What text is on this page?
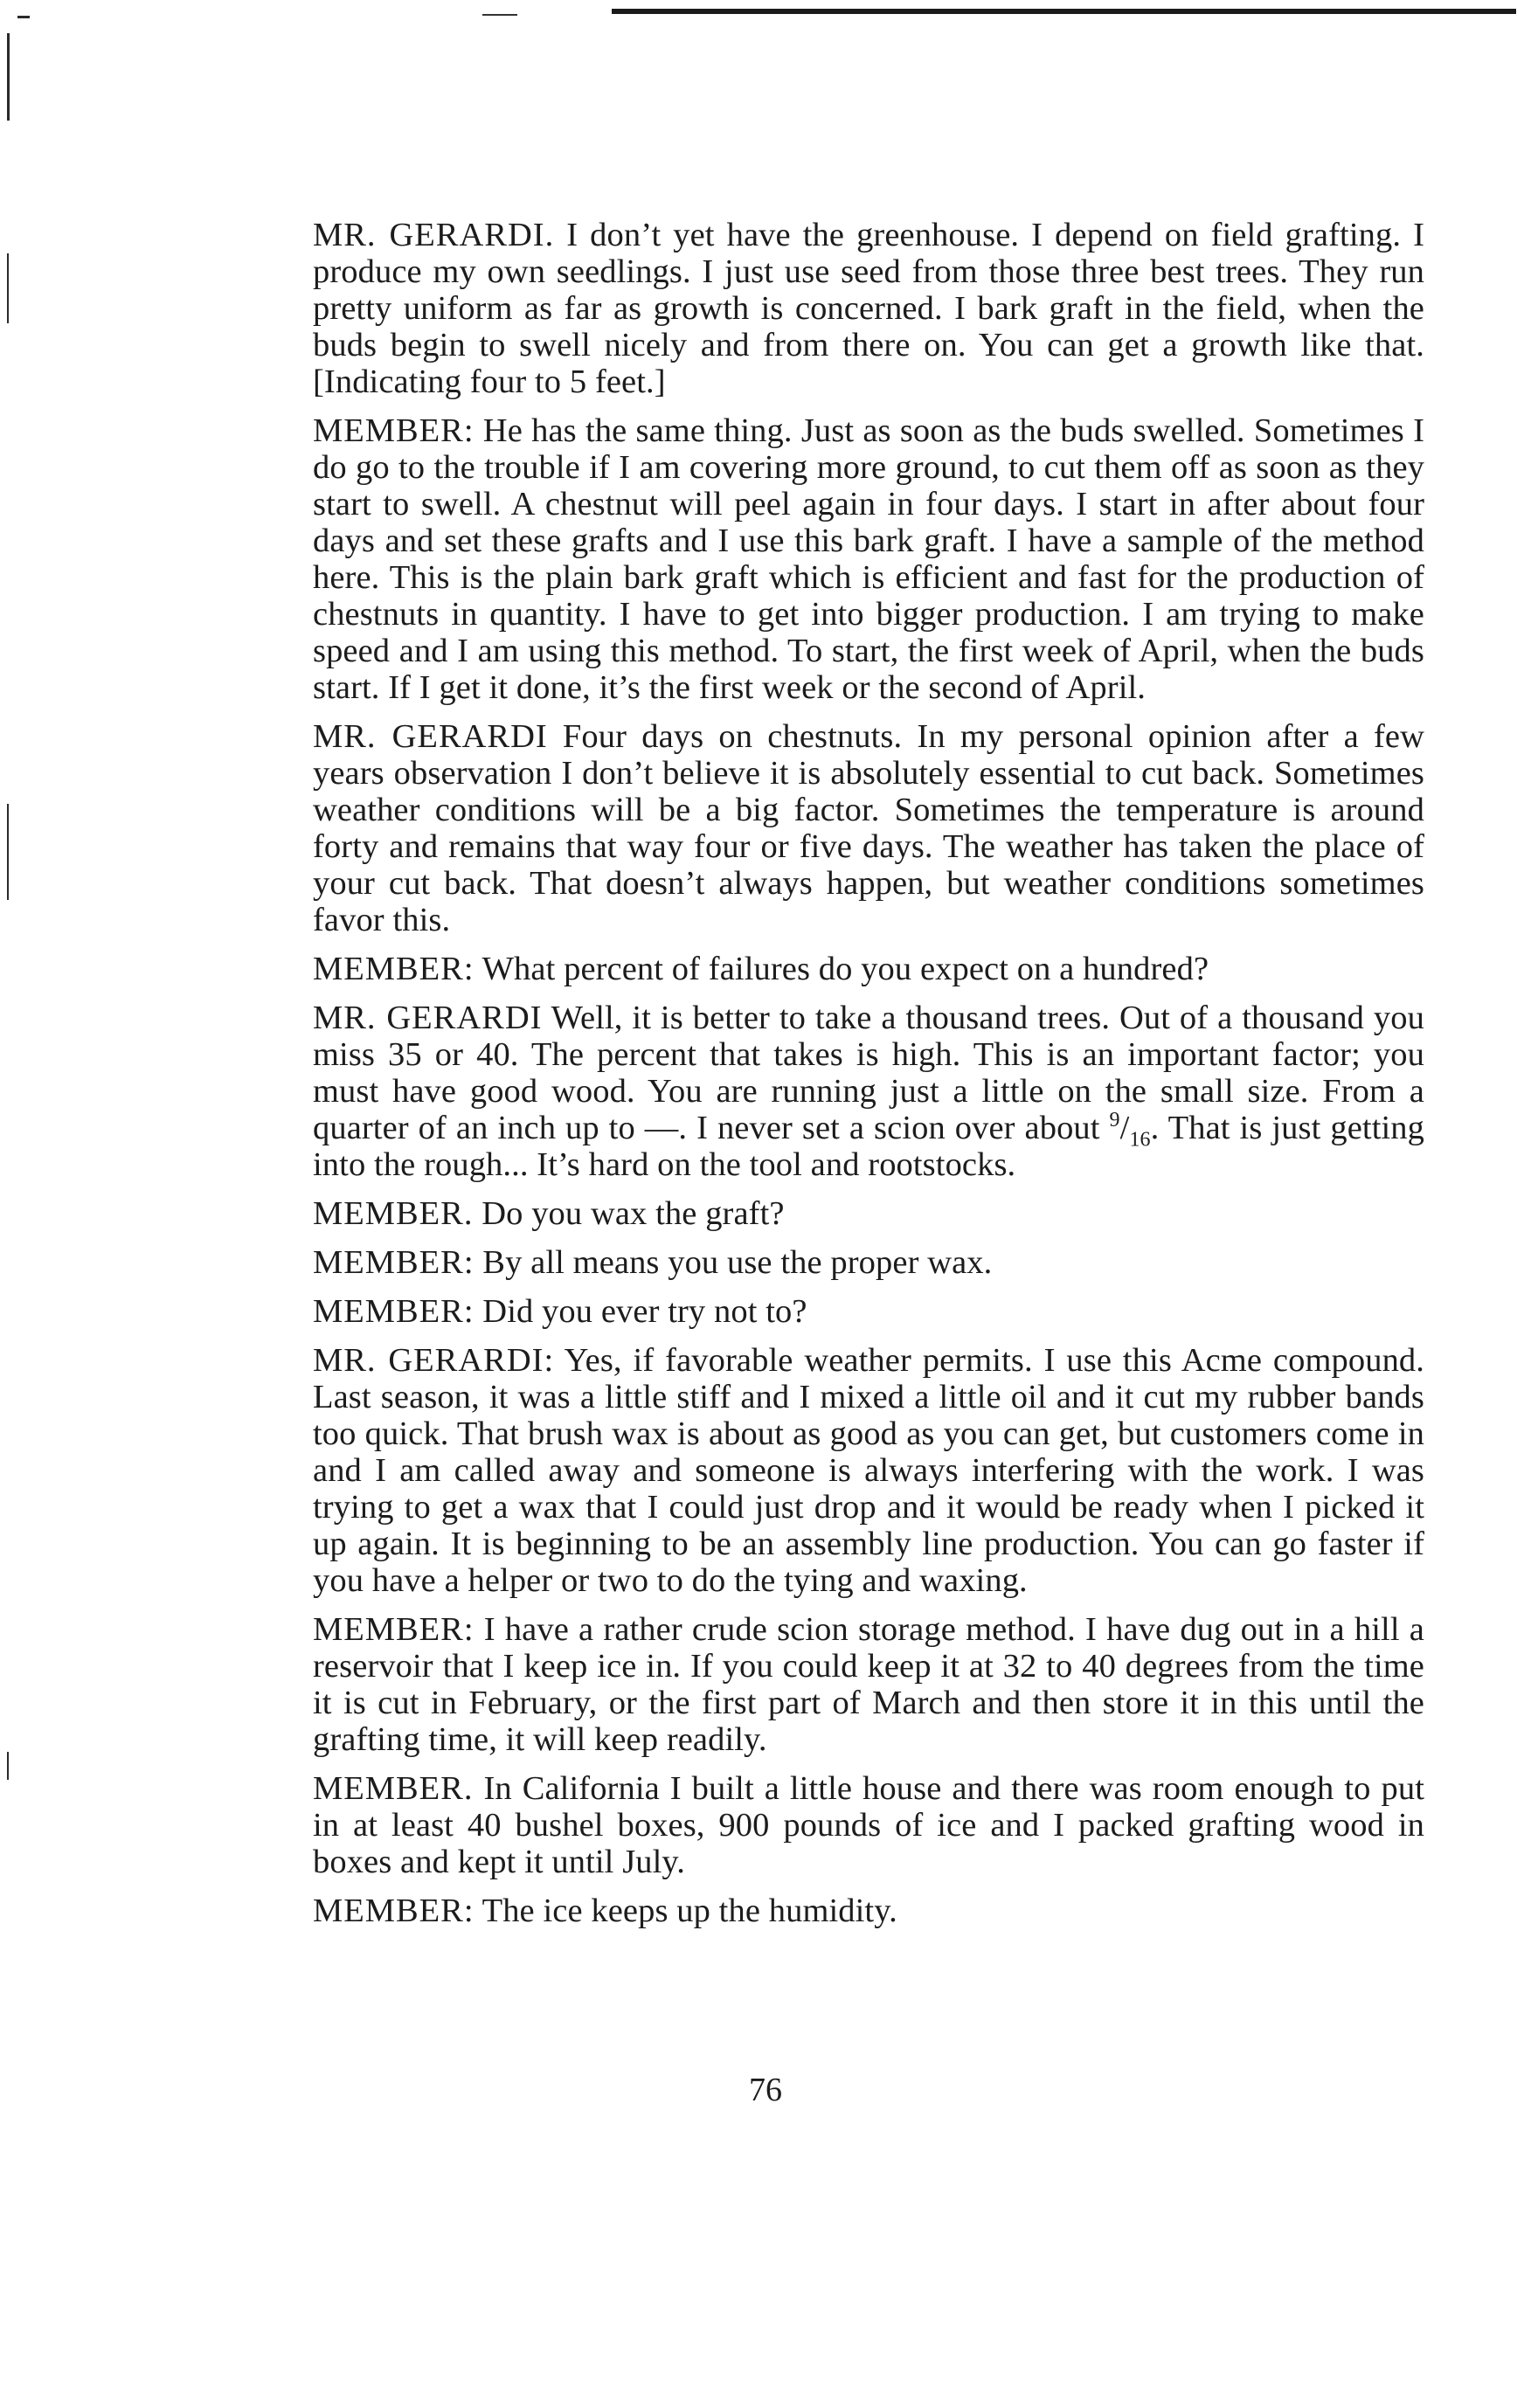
MR. GERARDI. I don’t yet have the greenhouse. I depend on field grafting. I produce my own seedlings. I just use seed from those three best trees. They run pretty uniform as far as growth is concerned. I bark graft in the field, when the buds begin to swell nicely and from there on. You can get a growth like that. [Indicating four to 5 feet.]

MEMBER: He has the same thing. Just as soon as the buds swelled. Sometimes I do go to the trouble if I am covering more ground, to cut them off as soon as they start to swell. A chestnut will peel again in four days. I start in after about four days and set these grafts and I use this bark graft. I have a sample of the method here. This is the plain bark graft which is efficient and fast for the production of chestnuts in quantity. I have to get into bigger production. I am trying to make speed and I am using this method. To start, the first week of April, when the buds start. If I get it done, it’s the first week or the second of April.

MR. GERARDI Four days on chestnuts. In my personal opinion after a few years observation I don’t believe it is absolutely essential to cut back. Sometimes weather conditions will be a big factor. Sometimes the temperature is around forty and remains that way four or five days. The weather has taken the place of your cut back. That doesn’t always happen, but weather conditions sometimes favor this.

MEMBER: What percent of failures do you expect on a hundred?

MR. GERARDI Well, it is better to take a thousand trees. Out of a thousand you miss 35 or 40. The percent that takes is high. This is an important factor; you must have good wood. You are running just a little on the small size. From a quarter of an inch up to —. I never set a scion over about $^9/_{16}$. That is just getting into the rough... It’s hard on the tool and rootstocks.

MEMBER. Do you wax the graft?

MEMBER: By all means you use the proper wax.

MEMBER: Did you ever try not to?

MR. GERARDI: Yes, if favorable weather permits. I use this Acme compound. Last season, it was a little stiff and I mixed a little oil and it cut my rubber bands too quick. That brush wax is about as good as you can get, but customers come in and I am called away and someone is always interfering with the work. I was trying to get a wax that I could just drop and it would be ready when I picked it up again. It is beginning to be an assembly line production. You can go faster if you have a helper or two to do the tying and waxing.

MEMBER: I have a rather crude scion storage method. I have dug out in a hill a reservoir that I keep ice in. If you could keep it at 32 to 40 degrees from the time it is cut in February, or the first part of March and then store it in this until the grafting time, it will keep readily.

MEMBER. In California I built a little house and there was room enough to put in at least 40 bushel boxes, 900 pounds of ice and I packed grafting wood in boxes and kept it until July.

MEMBER: The ice keeps up the humidity.

76
